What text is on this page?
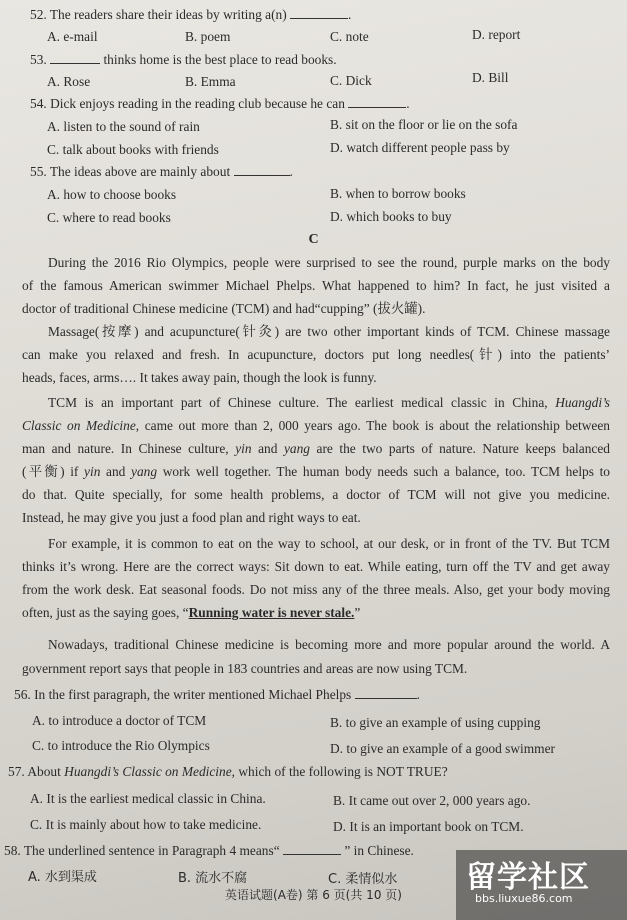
52. The readers share their ideas by writing a(n)	.
A. e-mail	B. poem	C. note	D. report
53.	thinks home is the best place to read books.
A. Rose	B. Emma	C. Dick	D. Bill
54. Dick enjoys reading in the reading club because he can	.
A. listen to the sound of rain	B. sit on the floor or lie on the sofa
C. talk about books with friends	D. watch different people pass by
55. The ideas above are mainly about	.
A. how to choose books	B. when to borrow books
C. where to read books	D. which books to buy
C
During the 2016 Rio Olympics, people were surprised to see the round, purple marks on the body
of the famous American swimmer Michael Phelps. What happened to him? In fact, he just visited a
doctor of traditional Chinese medicine (TCM) and had“cupping” (拔火罐).
Massage(按摩) and acupuncture(针灸) are two other important kinds of TCM. Chinese massage
can make you relaxed and fresh. In acupuncture, doctors put long needles(针) into the patients’
heads, faces, arms…. It takes away pain, though the look is funny.
TCM is an important part of Chinese culture. The earliest medical classic in China, Huangdi’s
Classic on Medicine, came out more than 2, 000 years ago. The book is about the relationship between
man and nature. In Chinese culture, yin and yang are the two parts of nature. Nature keeps balanced
(平衡) if yin and yang work well together. The human body needs such a balance, too. TCM helps to
do that. Quite specially, for some health problems, a doctor of TCM will not give you medicine.
Instead, he may give you just a food plan and right ways to eat.
For example, it is common to eat on the way to school, at our desk, or in front of the TV. But TCM
thinks it’s wrong. Here are the correct ways: Sit down to eat. While eating, turn off the TV and get away
from the work desk. Eat seasonal foods. Do not miss any of the three meals. Also, get your body moving
often, just as the saying goes, “Running water is never stale.”
Nowadays, traditional Chinese medicine is becoming more and more popular around the world. A
government report says that people in 183 countries and areas are now using TCM.
56. In the first paragraph, the writer mentioned Michael Phelps	.
A. to introduce a doctor of TCM	B. to give an example of using cupping
C. to introduce the Rio Olympics	D. to give an example of a good swimmer
57. About Huangdi’s Classic on Medicine, which of the following is NOT TRUE?
A. It is the earliest medical classic in China.	B. It came out over 2, 000 years ago.
C. It is mainly about how to take medicine.	D. It is an important book on TCM.
58. The underlined sentence in Paragraph 4 means“	” in Chinese.
A. 水到渠成	B. 流水不腐	C. 柔情似水
英语试题(A卷) 第 6 页(共 10 页)	留学社区
bbs.liuxue86.com
